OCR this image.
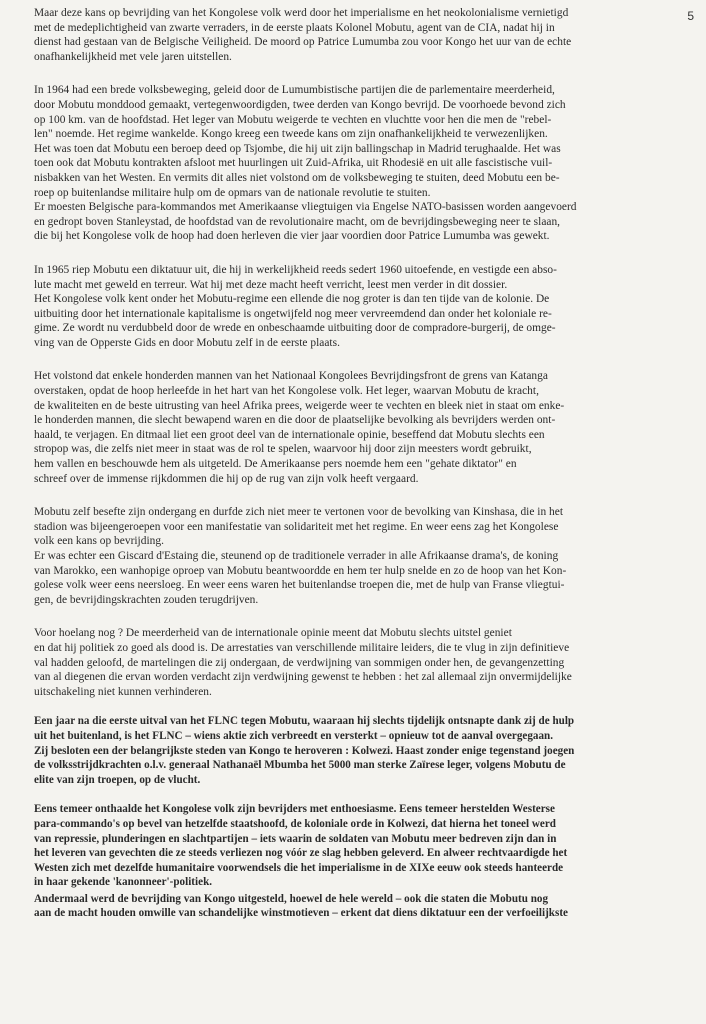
5

Maar deze kans op bevrijding van het Kongolese volk werd door het imperialisme en het neokolonialisme vernietigd
met de medeplichtigheid van zwarte verraders, in de eerste plaats Kolonel Mobutu, agent van de CIA, nadat hij in
dienst had gestaan van de Belgische Veiligheid. De moord op Patrice Lumumba zou voor Kongo het uur van de echte
onafhankelijkheid met vele jaren uitstellen.

In 1964 had een brede volksbeweging, geleid door de Lumumbistische partijen die de parlementaire meerderheid,
door Mobutu monddood gemaakt, vertegenwoordigden, twee derden van Kongo bevrijd. De voorhoede bevond zich
op 100 km. van de hoofdstad. Het leger van Mobutu weigerde te vechten en vluchtte voor hen die men de "rebel-
len" noemde. Het regime wankelde. Kongo kreeg een tweede kans om zijn onafhankelijkheid te verwezenlijken.
Het was toen dat Mobutu een beroep deed op Tsjombe, die hij uit zijn ballingschap in Madrid terughaalde. Het was
toen ook dat Mobutu kontrakten afsloot met huurlingen uit Zuid-Afrika, uit Rhodesië en uit alle fascistische vuil-
nisbakken van het Westen. En vermits dit alles niet volstond om de volksbeweging te stuiten, deed Mobutu een be-
roep op buitenlandse militaire hulp om de opmars van de nationale revolutie te stuiten.
Er moesten Belgische para-kommandos met Amerikaanse vliegtuigen via Engelse NATO-basissen worden aangevoerd
en gedropt boven Stanleystad, de hoofdstad van de revolutionaire macht, om de bevrijdingsbeweging neer te slaan,
die bij het Kongolese volk de hoop had doen herleven die vier jaar voordien door Patrice Lumumba was gewekt.

In 1965 riep Mobutu een diktatuur uit, die hij in werkelijkheid reeds sedert 1960 uitoefende, en vestigde een abso-
lute macht met geweld en terreur. Wat hij met deze macht heeft verricht, leest men verder in dit dossier.
Het Kongolese volk kent onder het Mobutu-regime een ellende die nog groter is dan ten tijde van de kolonie. De
uitbuiting door het internationale kapitalisme is ongetwijfeld nog meer vervreemdend dan onder het koloniale re-
gime. Ze wordt nu verdubbeld door de wrede en onbeschaamde uitbuiting door de compradore-burgerij, de omge-
ving van de Opperste Gids en door Mobutu zelf in de eerste plaats.

Het volstond dat enkele honderden mannen van het Nationaal Kongolees Bevrijdingsfront de grens van Katanga
overstaken, opdat de hoop herleefde in het hart van het Kongolese volk. Het leger, waarvan Mobutu de kracht,
de kwaliteiten en de beste uitrusting van heel Afrika prees, weigerde weer te vechten en bleek niet in staat om enke-
le honderden mannen, die slecht bewapend waren en die door de plaatselijke bevolking als bevrijders werden ont-
haald, te verjagen. En ditmaal liet een groot deel van de internationale opinie, beseffend dat Mobutu slechts een
stropop was, die zelfs niet meer in staat was de rol te spelen, waarvoor hij door zijn meesters wordt gebruikt,
hem vallen en beschouwde hem als uitgeteld. De Amerikaanse pers noemde hem een "gehate diktator" en
schreef over de immense rijkdommen die hij op de rug van zijn volk heeft vergaard.

Mobutu zelf besefte zijn ondergang en durfde zich niet meer te vertonen voor de bevolking van Kinshasa, die in het
stadion was bijeengeroepen voor een manifestatie van solidariteit met het regime. En weer eens zag het Kongolese
volk een kans op bevrijding.
Er was echter een Giscard d'Estaing die, steunend op de traditionele verrader in alle Afrikaanse drama's, de koning
van Marokko, een wanhopige oproep van Mobutu beantwoordde en hem ter hulp snelde en zo de hoop van het Kon-
golese volk weer eens neersloeg. En weer eens waren het buitenlandse troepen die, met de hulp van Franse vliegtui-
gen, de bevrijdingskrachten zouden terugdrijven.

Voor hoelang nog ? De meerderheid van de internationale opinie meent dat Mobutu slechts uitstel geniet
en dat hij politiek zo goed als dood is. De arrestaties van verschillende militaire leiders, die te vlug in zijn definitieve
val hadden geloofd, de martelingen die zij ondergaan, de verdwijning van sommigen onder hen, de gevangenzetting
van al diegenen die ervan worden verdacht zijn verdwijning gewenst te hebben : het zal allemaal zijn onvermijdelijke
uitschakeling niet kunnen verhinderen.

Een jaar na die eerste uitval van het FLNC tegen Mobutu, waaraan hij slechts tijdelijk ontsnapte dank zij de hulp
uit het buitenland, is het FLNC – wiens aktie zich verbreedt en versterkt – opnieuw tot de aanval overgegaan.
Zij besloten een der belangrijkste steden van Kongo te heroveren : Kolwezi. Haast zonder enige tegenstand joegen
de volksstrijdkrachten o.l.v. generaal Nathanaël Mbumba het 5000 man sterke Zaïrese leger, volgens Mobutu de
elite van zijn troepen, op de vlucht.

Eens temeer onthaalde het Kongolese volk zijn bevrijders met enthoesiasme. Eens temeer herstelden Westerse
para-commando's op bevel van hetzelfde staatshoofd, de koloniale orde in Kolwezi, dat hierna het toneel werd
van repressie, plunderingen en slachtpartijen – iets waarin de soldaten van Mobutu meer bedreven zijn dan in
het leveren van gevechten die ze steeds verliezen nog vóór ze slag hebben geleverd. En alweer rechtvaardigde het
Westen zich met dezelfde humanitaire voorwendsels die het imperialisme in de XIXe eeuw ook steeds hanteerde
in haar gekende 'kanonneer'-politiek.

Andermaal werd de bevrijding van Kongo uitgesteld, hoewel de hele wereld – ook die staten die Mobutu nog
aan de macht houden omwille van schandelijke winstmotieven – erkent dat diens diktatuur een der verfoeilijkste
